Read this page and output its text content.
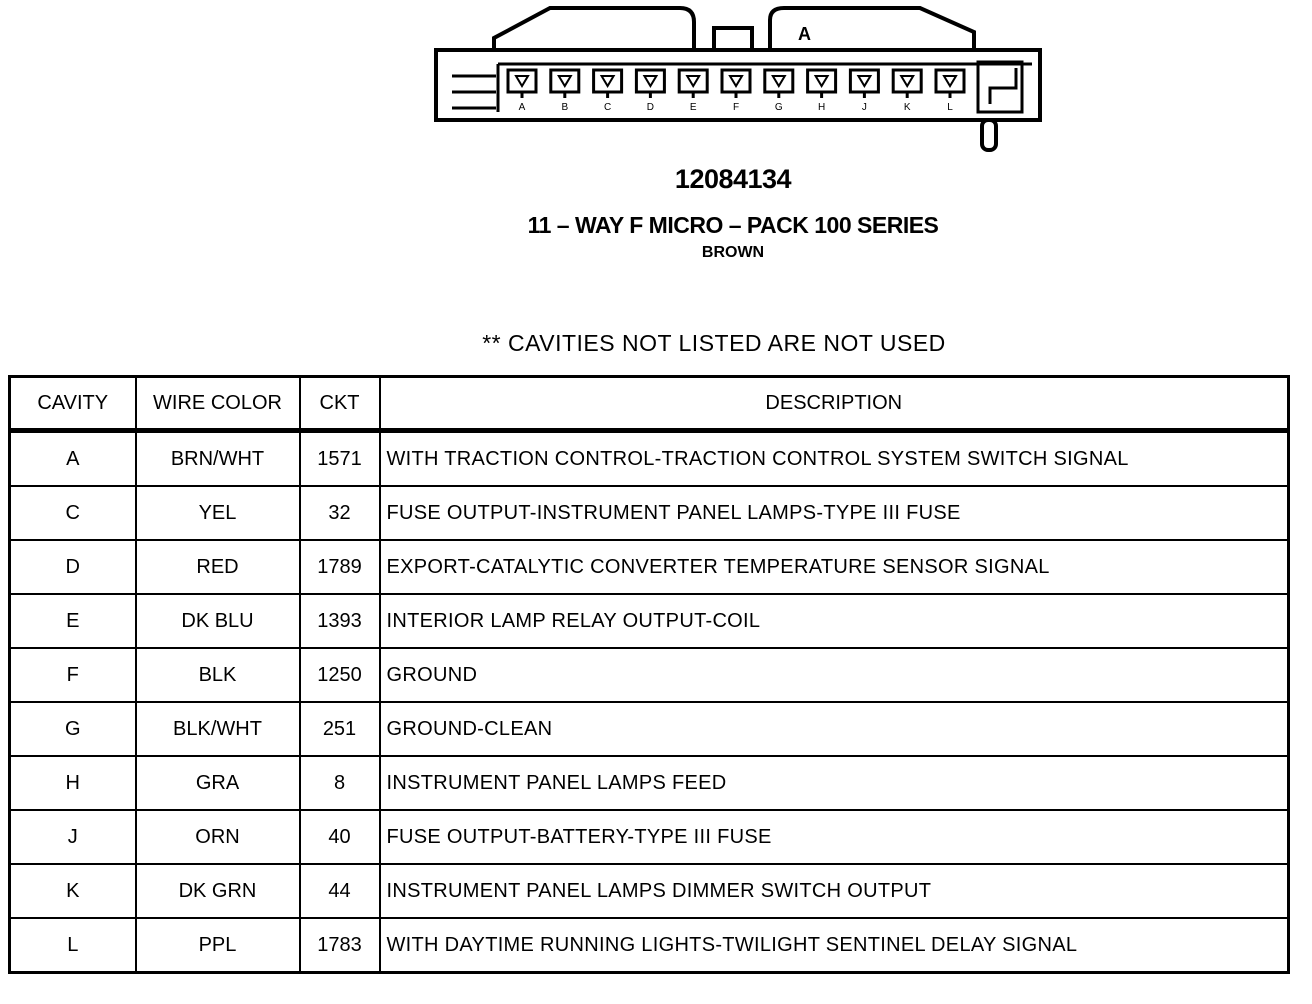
A	B	C	D	E	F	G	H	J	K	L
A
12084134
11 – WAY F MICRO – PACK 100 SERIES
BROWN
** CAVITIES NOT LISTED ARE NOT USED
CAVITY	WIRE COLOR	CKT	DESCRIPTION
A	BRN/WHT	1571	WITH TRACTION CONTROL-TRACTION CONTROL SYSTEM SWITCH SIGNAL
C	YEL	32	FUSE OUTPUT-INSTRUMENT PANEL LAMPS-TYPE III FUSE
D	RED	1789	EXPORT-CATALYTIC CONVERTER TEMPERATURE SENSOR SIGNAL
E	DK BLU	1393	INTERIOR LAMP RELAY OUTPUT-COIL
F	BLK	1250	GROUND
G	BLK/WHT	251	GROUND-CLEAN
H	GRA	8	INSTRUMENT PANEL LAMPS FEED
J	ORN	40	FUSE OUTPUT-BATTERY-TYPE III FUSE
K	DK GRN	44	INSTRUMENT PANEL LAMPS DIMMER SWITCH OUTPUT
L	PPL	1783	WITH DAYTIME RUNNING LIGHTS-TWILIGHT SENTINEL DELAY SIGNAL
